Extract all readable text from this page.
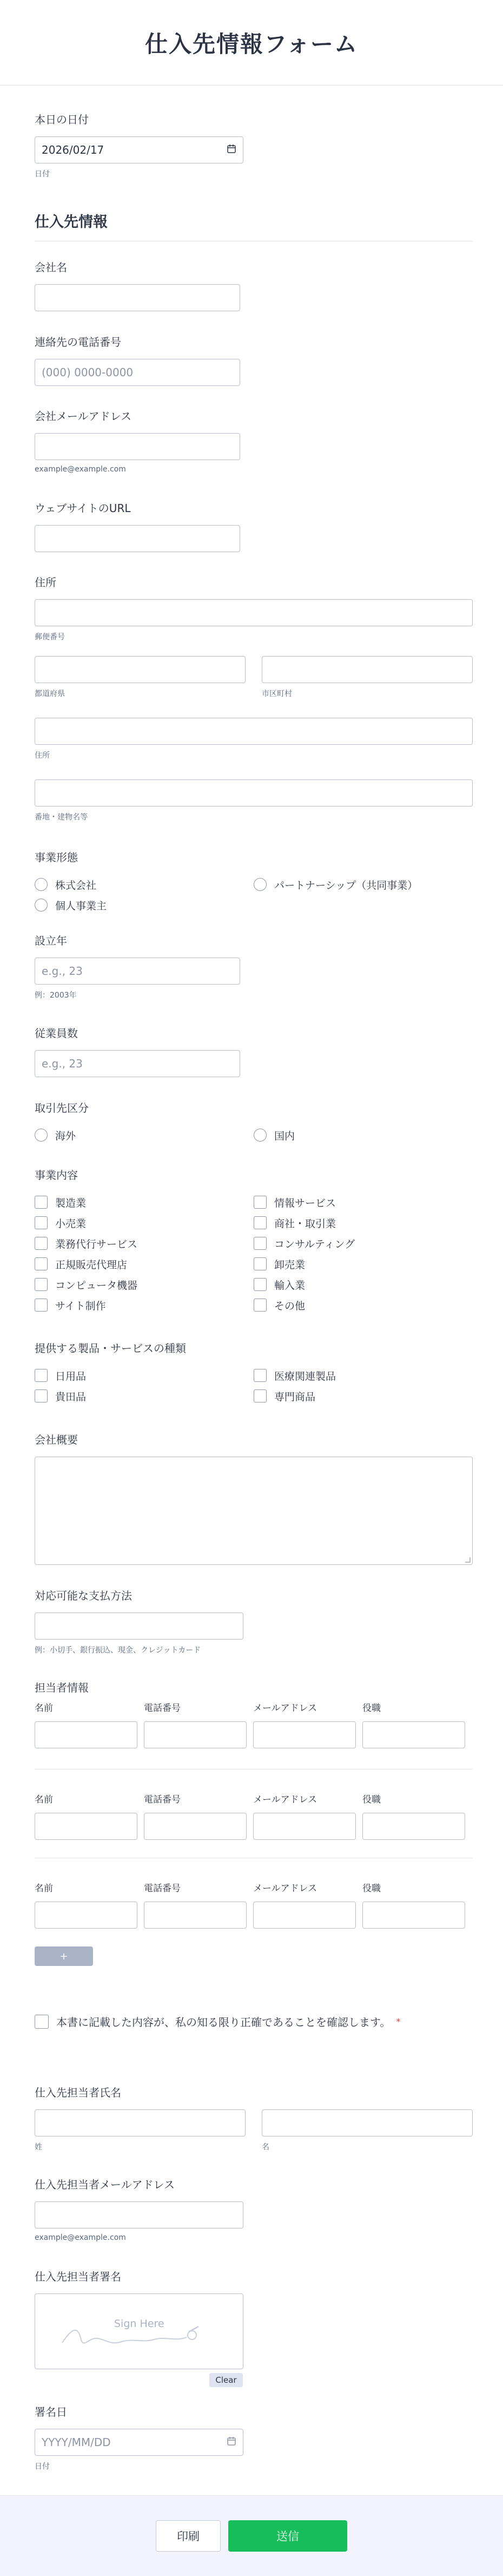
仕入先情報フォーム
本日の日付
2026/02/17
日付
仕入先情報
会社名
連絡先の電話番号
(000) 0000-0000
会社メールアドレス
example@example.com
ウェブサイトのURL
住所
郵便番号
都道府県	市区町村
住所
番地・建物名等
事業形態
株式会社	パートナーシップ（共同事業）
個人事業主
設立年
e.g., 23
例：2003年
従業員数
e.g., 23
取引先区分
海外	国内
事業内容
製造業
小売業
業務代行サービス
正規販売代理店
コンピュータ機器
サイト制作
情報サービス
商社・取引業
コンサルティング
卸売業
輸入業
その他
提供する製品・サービスの種類
日用品
貴田品
医療関連製品
専門商品
会社概要
対応可能な支払方法
例：小切手、銀行振込、現金、クレジットカード
担当者情報
名前	電話番号	メールアドレス	役職
名前	電話番号	メールアドレス	役職
名前	電話番号	メールアドレス	役職
+
本書に記載した内容が、私の知る限り正確であることを確認します。 *
仕入先担当者氏名
姓	名
仕入先担当者メールアドレス
example@example.com
仕入先担当者署名
Sign Here
Clear
署名日
YYYY/MM/DD
日付
印刷	送信
